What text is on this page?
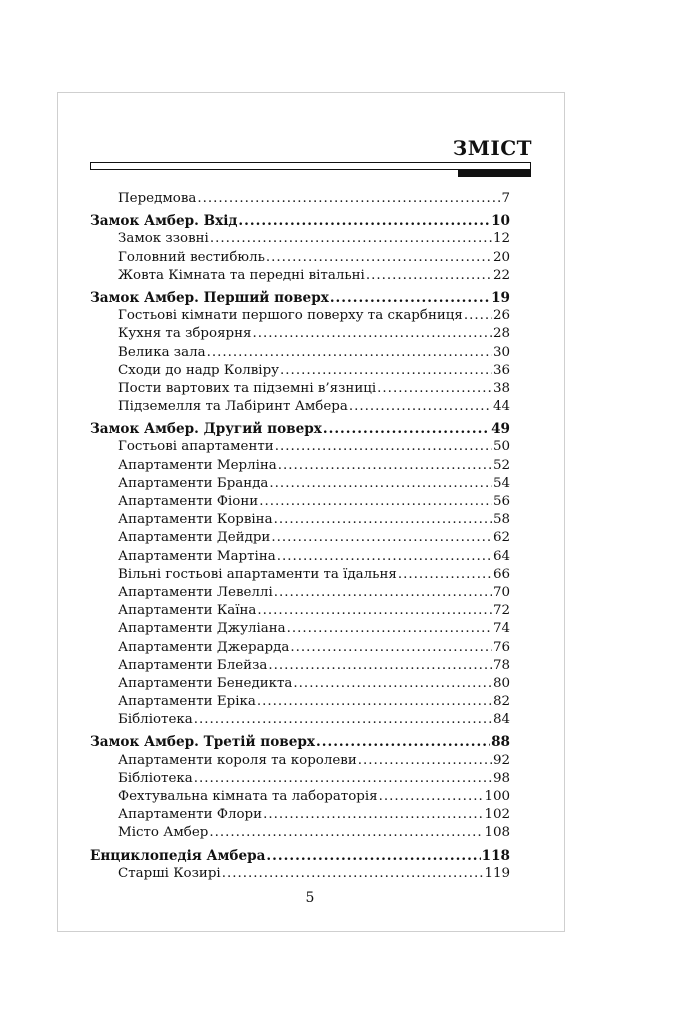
ЗМІСТ
Передмова .....	7
Замок Амбер. Вхід .....	10
Замок ззовні .....	12
Головний вестибюль .....	20
Жовта Кімната та передні вітальні .....	22
Замок Амбер. Перший поверх .....	19
Гостьові кімнати першого поверху та скарбниця ..... 26
Кухня та зброярня .....	28
Велика зала .....	30
Сходи до надр Колвіру .....	36
Пости вартових та підземні в’язниці .....	38
Підземелля та Лабіринт Амбера .....	44
Замок Амбер. Другий поверх .....	49
Гостьові апартаменти .....	50
Апартаменти Мерліна .....	52
Апартаменти Бранда .....	54
Апартаменти Фіони .....	56
Апартаменти Корвіна .....	58
Апартаменти Дейдри .....	62
Апартаменти Мартіна .....	64
Вільні гостьові апартаменти та їдальня .....	66
Апартаменти Левеллі .....	70
Апартаменти Каїна .....	72
Апартаменти Джуліана .....	74
Апартаменти Джерарда .....	76
Апартаменти Блейза .....	78
Апартаменти Бенедикта .....	80
Апартаменти Еріка .....	82
Бібліотека .....	84
Замок Амбер. Третій поверх .....	88
Апартаменти короля та королеви .....	92
Бібліотека .....	98
Фехтувальна кімната та лабораторія .....	100
Апартаменти Флори .....	102
Місто Амбер .....	108
Енциклопедія Амбера .....	118
Старші Козирі .....	119
5
